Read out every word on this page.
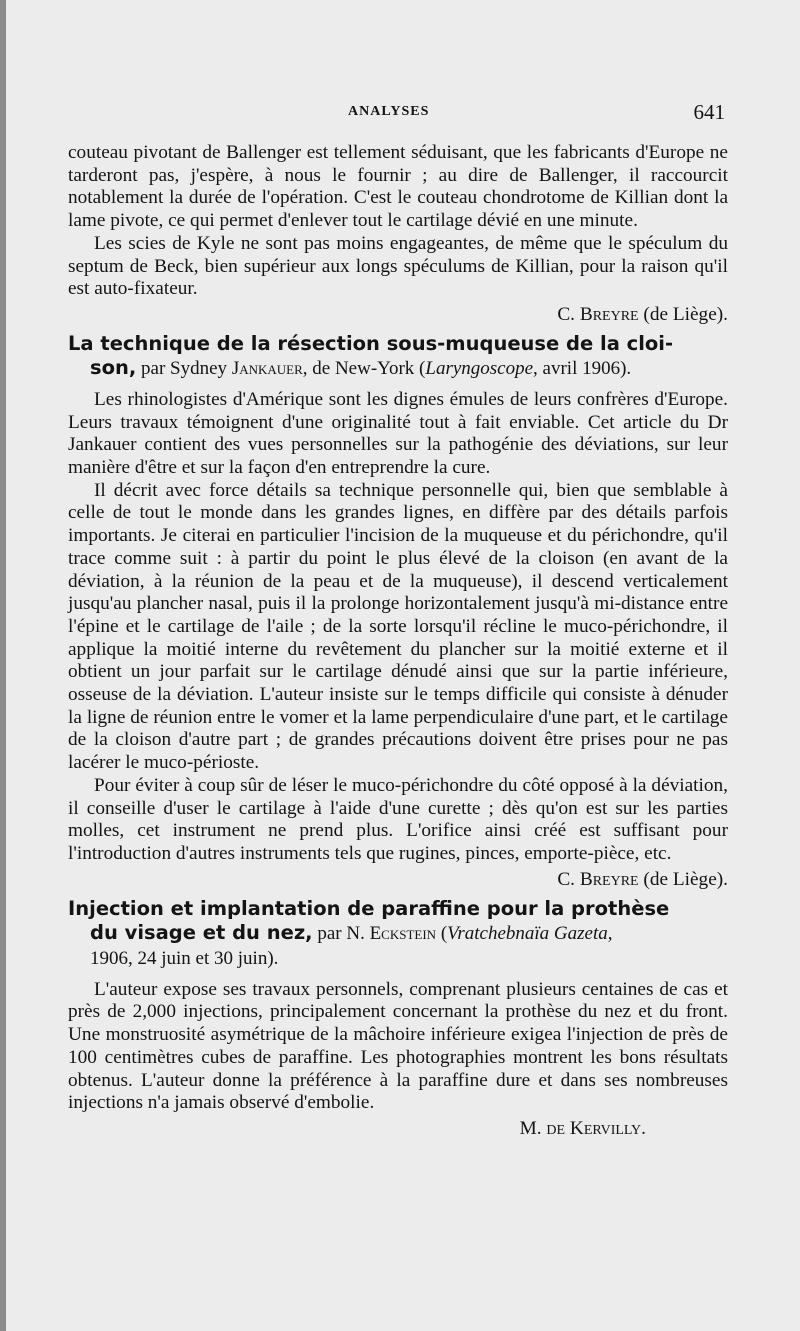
ANALYSES	641

couteau pivotant de Ballenger est tellement séduisant, que les fabricants d'Europe ne tarderont pas, j'espère, à nous le fournir ; au dire de Ballenger, il raccourcit notablement la durée de l'opération. C'est le couteau chondrotome de Killian dont la lame pivote, ce qui permet d'enlever tout le cartilage dévié en une minute.

Les scies de Kyle ne sont pas moins engageantes, de même que le spéculum du septum de Beck, bien supérieur aux longs spéculums de Killian, pour la raison qu'il est auto-fixateur.

C. Breyre (de Liège).
La technique de la résection sous-muqueuse de la cloi-
son, par Sydney Jankauer, de New-York (Laryngoscope, avril 1906).

Les rhinologistes d'Amérique sont les dignes émules de leurs confrères d'Europe. Leurs travaux témoignent d'une originalité tout à fait enviable. Cet article du Dr Jankauer contient des vues personnelles sur la pathogénie des déviations, sur leur manière d'être et sur la façon d'en entreprendre la cure.

Il décrit avec force détails sa technique personnelle qui, bien que semblable à celle de tout le monde dans les grandes lignes, en diffère par des détails parfois importants. Je citerai en particulier l'incision de la muqueuse et du périchondre, qu'il trace comme suit : à partir du point le plus élevé de la cloison (en avant de la déviation, à la réunion de la peau et de la muqueuse), il descend verticalement jusqu'au plancher nasal, puis il la prolonge horizontalement jusqu'à mi-distance entre l'épine et le cartilage de l'aile ; de la sorte lorsqu'il récline le muco-périchondre, il applique la moitié interne du revêtement du plancher sur la moitié externe et il obtient un jour parfait sur le cartilage dénudé ainsi que sur la partie inférieure, osseuse de la déviation. L'auteur insiste sur le temps difficile qui consiste à dénuder la ligne de réunion entre le vomer et la lame perpendiculaire d'une part, et le cartilage de la cloison d'autre part ; de grandes précautions doivent être prises pour ne pas lacérer le muco-périoste.

Pour éviter à coup sûr de léser le muco-périchondre du côté opposé à la déviation, il conseille d'user le cartilage à l'aide d'une curette ; dès qu'on est sur les parties molles, cet instrument ne prend plus. L'orifice ainsi créé est suffisant pour l'introduction d'autres instruments tels que rugines, pinces, emporte-pièce, etc.

C. Breyre (de Liège).
Injection et implantation de paraffine pour la prothèse
du visage et du nez, par N. Eckstein (Vratchebnaïa Gazeta,
1906, 24 juin et 30 juin).

L'auteur expose ses travaux personnels, comprenant plusieurs centaines de cas et près de 2,000 injections, principalement concernant la prothèse du nez et du front. Une monstruosité asymétrique de la mâchoire inférieure exigea l'injection de près de 100 centimètres cubes de paraffine. Les photographies montrent les bons résultats obtenus. L'auteur donne la préférence à la paraffine dure et dans ses nombreuses injections n'a jamais observé d'embolie.

M. de Kervilly.
